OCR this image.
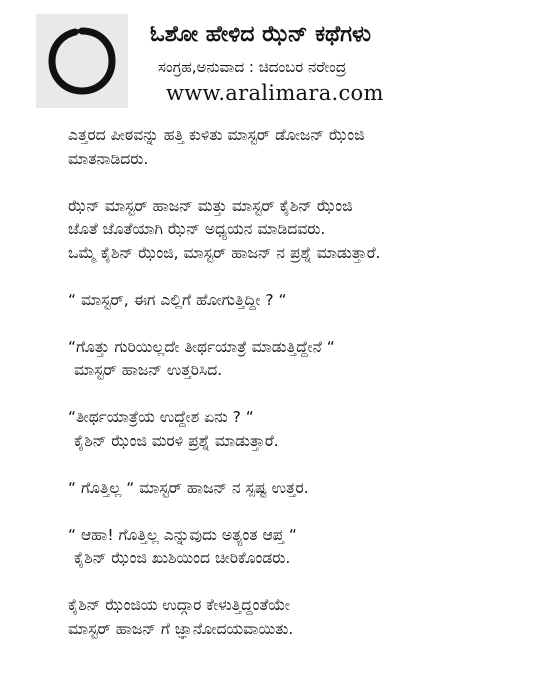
ಓಶೋ ಹೇಳಿದ ಝೆನ್ ಕಥೆಗಳು
ಸಂಗ್ರಹ,ಅನುವಾದ : ಚಿದಂಬರ ನರೇಂದ್ರ
www.aralimara.com
ಎತ್ತರದ ಪೀಠವನ್ನು ಹತ್ತಿ ಕುಳಿತು ಮಾಸ್ಟರ್ ಡೋಜನ್ ಝೆಂಜಿ
ಮಾತನಾಡಿದರು.
ಝೆನ್ ಮಾಸ್ಟರ್ ಹಾಜನ್ ಮತ್ತು ಮಾಸ್ಟರ್ ಕೈಶಿನ್ ಝೆಂಜಿ
ಜೊತೆ ಜೊತೆಯಾಗಿ ಝೆನ್ ಅಧ್ಯಯನ ಮಾಡಿದವರು.
ಒಮ್ಮೆ ಕೈಶಿನ್ ಝೆಂಜಿ, ಮಾಸ್ಟರ್ ಹಾಜನ್ ನ ಪ್ರಶ್ನೆ ಮಾಡುತ್ತಾರೆ.
“ ಮಾಸ್ಟರ್, ಈಗ ಎಲ್ಲಿಗೆ ಹೋಗುತ್ತಿದ್ದೀ ? “
“ಗೊತ್ತು ಗುರಿಯಿಲ್ಲದೇ ತೀರ್ಥಯಾತ್ರೆ ಮಾಡುತ್ತಿದ್ದೇನೆ “
ಮಾಸ್ಟರ್ ಹಾಜನ್ ಉತ್ತರಿಸಿದ.
“ತೀರ್ಥಯಾತ್ರೆಯ ಉದ್ದೇಶ ಏನು ? “
ಕೈಶಿನ್ ಝೆಂಜಿ ಮರಳಿ ಪ್ರಶ್ನೆ ಮಾಡುತ್ತಾರೆ.
“ ಗೊತ್ತಿಲ್ಲ “ ಮಾಸ್ಟರ್ ಹಾಜನ್ ನ ಸ್ಪಷ್ಟ ಉತ್ತರ.
“ ಆಹಾ! ಗೊತ್ತಿಲ್ಲ ಎನ್ನುವುದು ಅತ್ಯಂತ ಆಪ್ತ “
ಕೈಶಿನ್ ಝೆಂಜಿ ಖುಶಿಯಿಂದ ಚೀರಿಕೊಂಡರು.
ಕೈಶಿನ್ ಝೆಂಜಿಯ ಉದ್ಗಾರ ಕೇಳುತ್ತಿದ್ದಂತೆಯೇ
ಮಾಸ್ಟರ್ ಹಾಜನ್ ಗೆ ಜ್ಞಾನೋದಯವಾಯಿತು.
